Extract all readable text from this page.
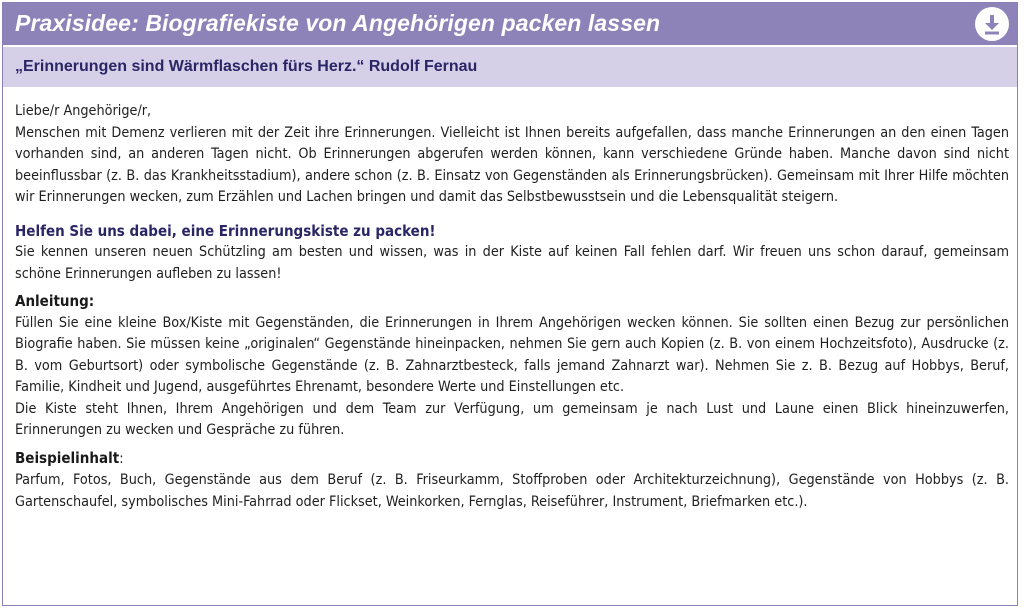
Praxisidee: Biografiekiste von Angehörigen packen lassen
„Erinnerungen sind Wärmflaschen fürs Herz.“ Rudolf Fernau

Liebe/r Angehörige/r,

Menschen mit Demenz verlieren mit der Zeit ihre Erinnerungen. Vielleicht ist Ihnen bereits aufgefallen, dass manche Erinnerungen an den einen Tagen vorhanden sind, an anderen Tagen nicht. Ob Erinnerungen abgerufen werden können, kann verschiedene Gründe haben. Manche davon sind nicht beeinflussbar (z. B. das Krankheitsstadium), andere schon (z. B. Einsatz von Gegenständen als Erinnerungsbrücken). Gemeinsam mit Ihrer Hilfe möchten wir Erinnerungen wecken, zum Erzählen und Lachen bringen und damit das Selbstbewusstsein und die Lebensqualität steigern.

Helfen Sie uns dabei, eine Erinnerungskiste zu packen!

Sie kennen unseren neuen Schützling am besten und wissen, was in der Kiste auf keinen Fall fehlen darf. Wir freuen uns schon darauf, gemeinsam schöne Erinnerungen aufleben zu lassen!

Anleitung:

Füllen Sie eine kleine Box/Kiste mit Gegenständen, die Erinnerungen in Ihrem Angehörigen wecken können. Sie sollten einen Bezug zur persönlichen Biografie haben. Sie müssen keine „originalen“ Gegenstände hineinpacken, nehmen Sie gern auch Kopien (z. B. von einem Hochzeitsfoto), Ausdrucke (z. B. vom Geburtsort) oder symbolische Gegenstände (z. B. Zahnarztbesteck, falls jemand Zahnarzt war). Nehmen Sie z. B. Bezug auf Hobbys, Beruf, Familie, Kindheit und Jugend, ausgeführtes Ehrenamt, besondere Werte und Einstellungen etc.

Die Kiste steht Ihnen, Ihrem Angehörigen und dem Team zur Verfügung, um gemeinsam je nach Lust und Laune einen Blick hineinzuwerfen, Erinnerungen zu wecken und Gespräche zu führen.

Beispielinhalt:

Parfum, Fotos, Buch, Gegenstände aus dem Beruf (z. B. Friseurkamm, Stoffproben oder Architekturzeichnung), Gegenstände von Hobbys (z. B. Gartenschaufel, symbolisches Mini-Fahrrad oder Flickset, Weinkorken, Fernglas, Reiseführer, Instrument, Briefmarken etc.).
